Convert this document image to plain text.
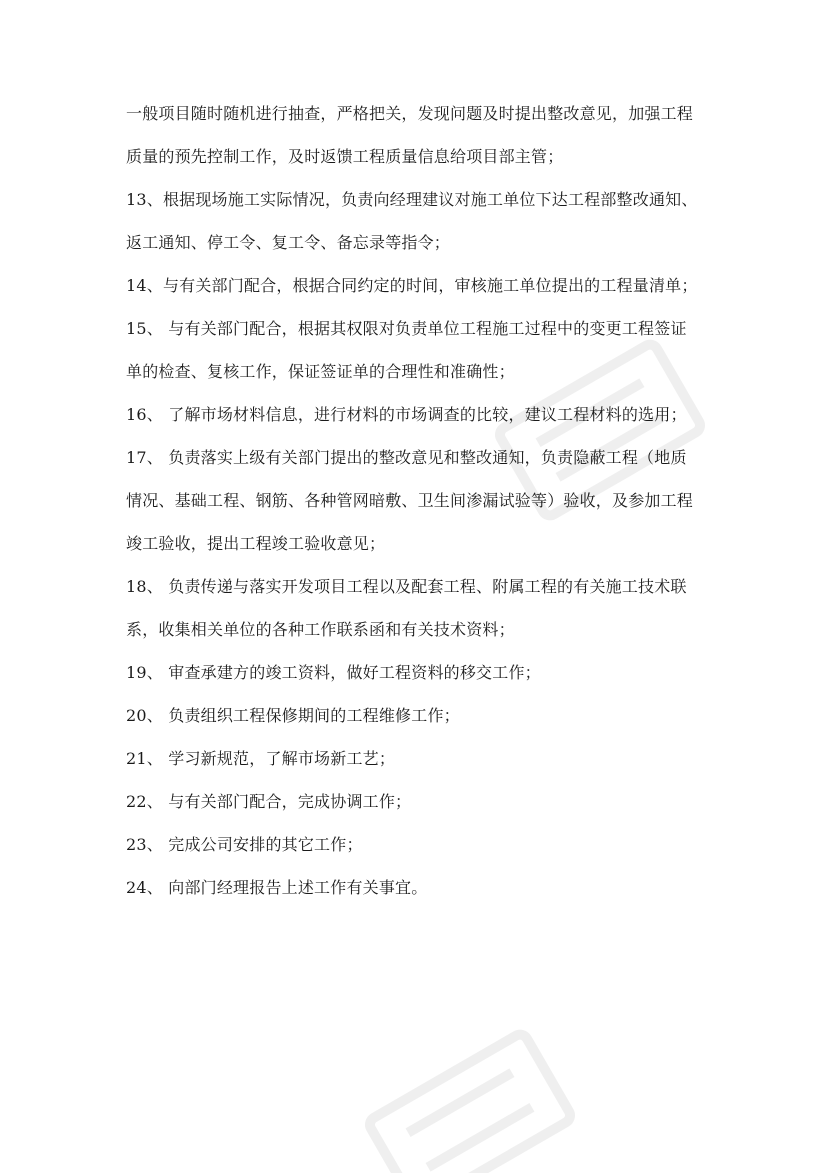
一般项目随时随机进行抽查，严格把关，发现问题及时提出整改意见，加强工程
质量的预先控制工作，及时返馈工程质量信息给项目部主管；
13、根据现场施工实际情况，负责向经理建议对施工单位下达工程部整改通知、
返工通知、停工令、复工令、备忘录等指令；
14、与有关部门配合，根据合同约定的时间，审核施工单位提出的工程量清单；
15、 与有关部门配合，根据其权限对负责单位工程施工过程中的变更工程签证
单的检查、复核工作，保证签证单的合理性和准确性；
16、 了解市场材料信息，进行材料的市场调查的比较，建议工程材料的选用；
17、 负责落实上级有关部门提出的整改意见和整改通知，负责隐蔽工程（地质
情况、基础工程、钢筋、各种管网暗敷、卫生间渗漏试验等）验收，及参加工程
竣工验收，提出工程竣工验收意见；
18、 负责传递与落实开发项目工程以及配套工程、附属工程的有关施工技术联
系，收集相关单位的各种工作联系函和有关技术资料；
19、 审查承建方的竣工资料，做好工程资料的移交工作；
20、 负责组织工程保修期间的工程维修工作；
21、 学习新规范，了解市场新工艺；
22、 与有关部门配合，完成协调工作；
23、 完成公司安排的其它工作；
24、 向部门经理报告上述工作有关事宜。
